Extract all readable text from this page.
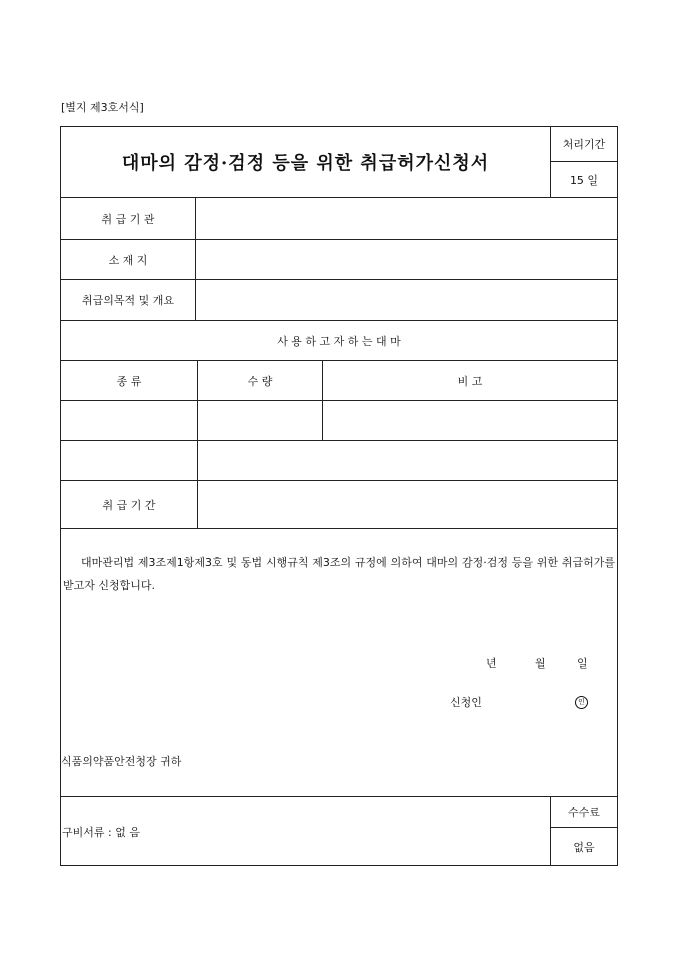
[별지 제3호서식]
대마의 감정·검정 등을 위한 취급허가신청서
처리기간
15 일
취 급 기 관
소 재 지
취급의목적 및 개요
사 용 하 고 자 하 는 대 마
종 류	수 량	비 고
취 급 기 간
대마관리법 제3조제1항제3호 및 동법 시행규칙 제3조의 규정에 의하여 대마의 감정·검정 등을 위한 취급허가를 받고자 신청합니다.
년	월	일
신청인	인
식품의약품안전청장 귀하
구비서류 : 없 음
수수료
없음
